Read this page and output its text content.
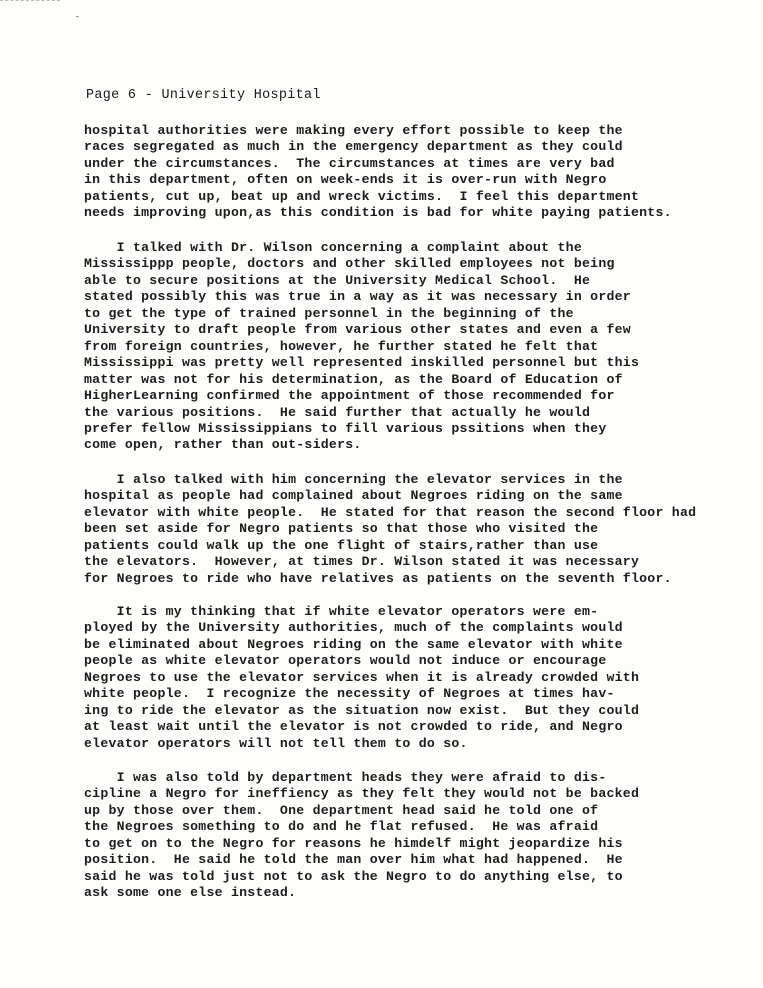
Page 6 - University Hospital
hospital authorities were making every effort possible to keep the
races segregated as much in the emergency department as they could
under the circumstances.  The circumstances at times are very bad
in this department, often on week-ends it is over-run with Negro
patients, cut up, beat up and wreck victims.  I feel this department
needs improving upon,as this condition is bad for white paying patients.
I talked with Dr. Wilson concerning a complaint about the
Mississippp people, doctors and other skilled employees not being
able to secure positions at the University Medical School.  He
stated possibly this was true in a way as it was necessary in order
to get the type of trained personnel in the beginning of the
University to draft people from various other states and even a few
from foreign countries, however, he further stated he felt that
Mississippi was pretty well represented inskilled personnel but this
matter was not for his determination, as the Board of Education of
HigherLearning confirmed the appointment of those recommended for
the various positions.  He said further that actually he would
prefer fellow Mississippians to fill various pssitions when they
come open, rather than out-siders.
I also talked with him concerning the elevator services in the
hospital as people had complained about Negroes riding on the same
elevator with white people.  He stated for that reason the second floor had
been set aside for Negro patients so that those who visited the
patients could walk up the one flight of stairs,rather than use
the elevators.  However, at times Dr. Wilson stated it was necessary
for Negroes to ride who have relatives as patients on the seventh floor.
It is my thinking that if white elevator operators were em-
ployed by the University authorities, much of the complaints would
be eliminated about Negroes riding on the same elevator with white
people as white elevator operators would not induce or encourage
Negroes to use the elevator services when it is already crowded with
white people.  I recognize the necessity of Negroes at times hav-
ing to ride the elevator as the situation now exist.  But they could
at least wait until the elevator is not crowded to ride, and Negro
elevator operators will not tell them to do so.
I was also told by department heads they were afraid to dis-
cipline a Negro for ineffiency as they felt they would not be backed
up by those over them.  One department head said he told one of
the Negroes something to do and he flat refused.  He was afraid
to get on to the Negro for reasons he himdelf might jeopardize his
position.  He said he told the man over him what had happened.  He
said he was told just not to ask the Negro to do anything else, to
ask some one else instead.
